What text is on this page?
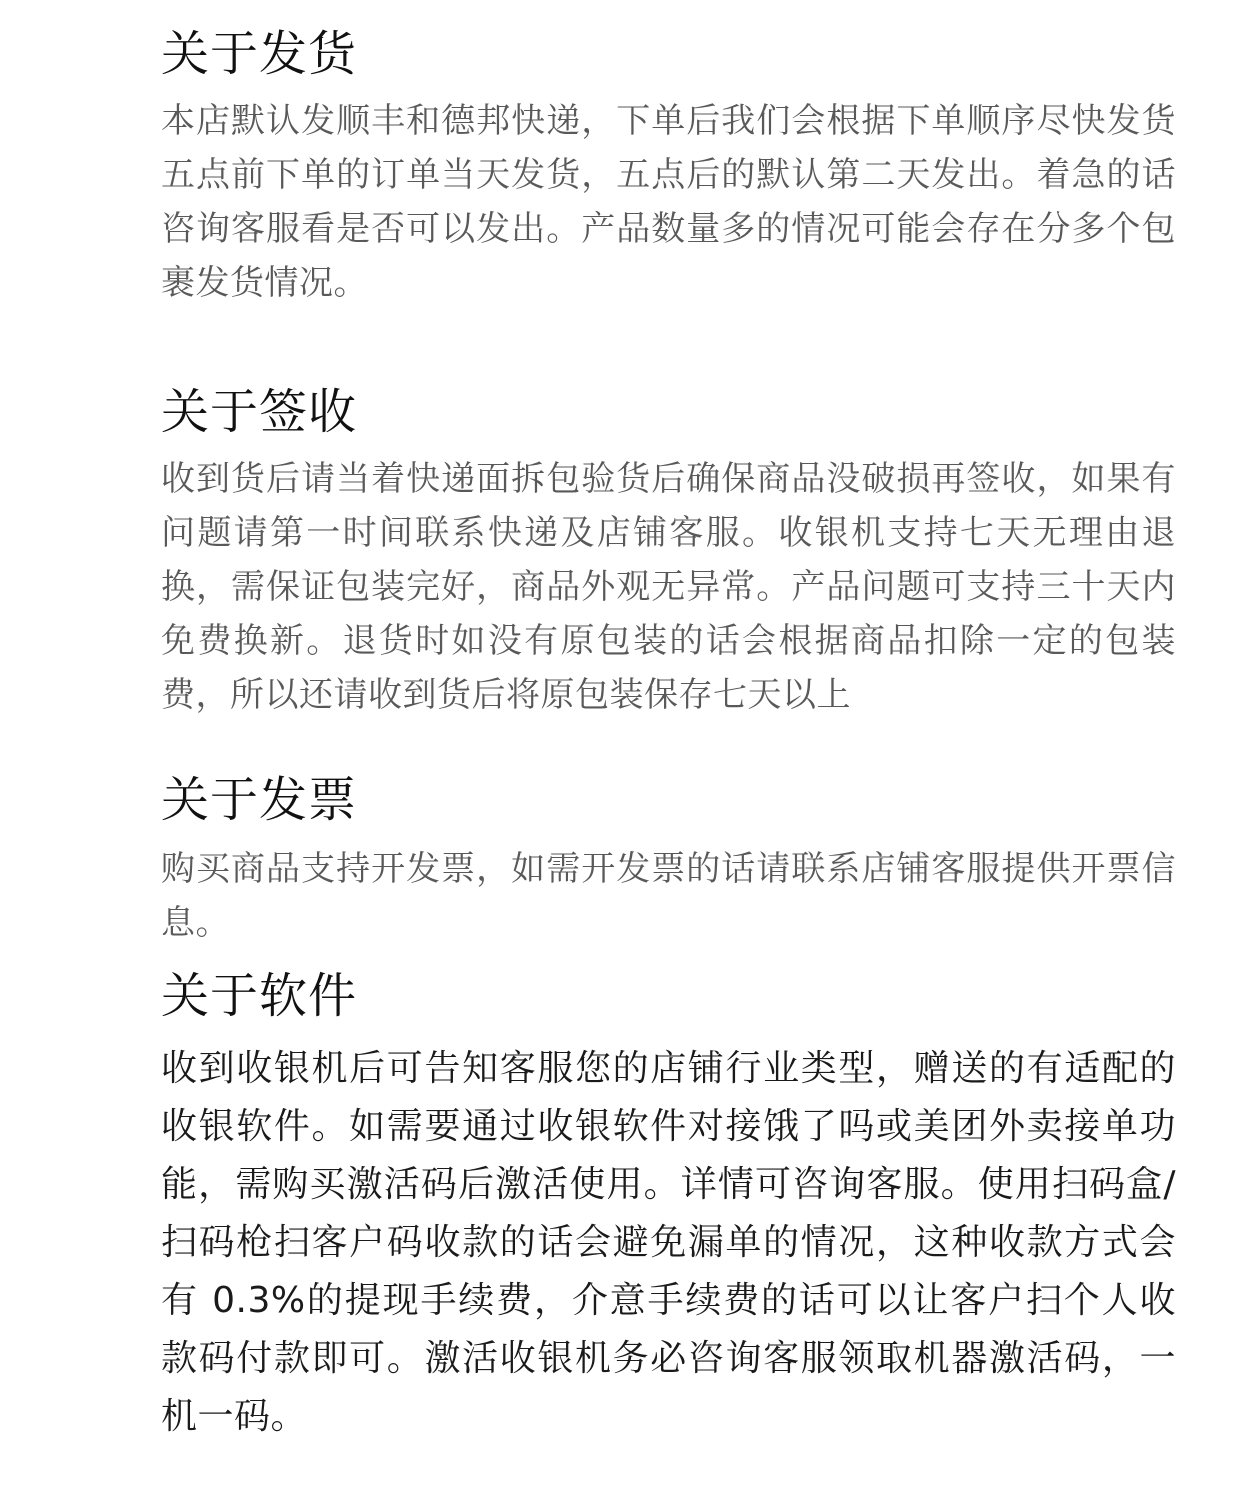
关于发货

本店默认发顺丰和德邦快递，下单后我们会根据下单顺序尽快发货五点前下单的订单当天发货，五点后的默认第二天发出。着急的话咨询客服看是否可以发出。产品数量多的情况可能会存在分多个包裹发货情况。

关于签收

收到货后请当着快递面拆包验货后确保商品没破损再签收，如果有问题请第一时间联系快递及店铺客服。收银机支持七天无理由退换，需保证包装完好，商品外观无异常。产品问题可支持三十天内免费换新。退货时如没有原包装的话会根据商品扣除一定的包装费，所以还请收到货后将原包装保存七天以上

关于发票

购买商品支持开发票，如需开发票的话请联系店铺客服提供开票信息。

关于软件

收到收银机后可告知客服您的店铺行业类型，赠送的有适配的收银软件。如需要通过收银软件对接饿了吗或美团外卖接单功能，需购买激活码后激活使用。详情可咨询客服。使用扫码盒/扫码枪扫客户码收款的话会避免漏单的情况，这种收款方式会有 0.3%的提现手续费，介意手续费的话可以让客户扫个人收款码付款即可。激活收银机务必咨询客服领取机器激活码，一机一码。
